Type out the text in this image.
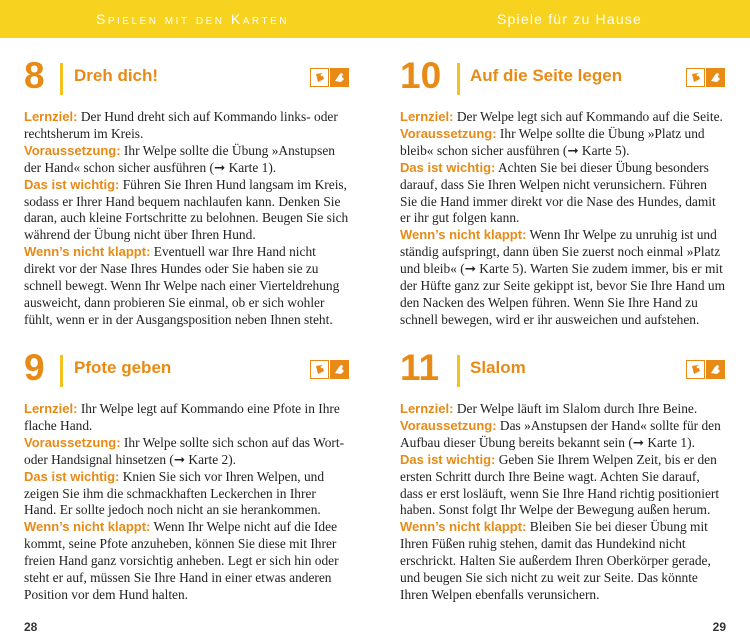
Spielen mit den Karten	Spiele für zu Hause
8 Dreh dich!

Lernziel: Der Hund dreht sich auf Kommando links- oder rechtsherum im Kreis.

Voraussetzung: Ihr Welpe sollte die Übung »Anstupsen der Hand« schon sicher ausführen (➞ Karte 1).

Das ist wichtig: Führen Sie Ihren Hund langsam im Kreis, sodass er Ihrer Hand bequem nachlaufen kann. Denken Sie daran, auch kleine Fortschritte zu belohnen. Beugen Sie sich während der Übung nicht über Ihren Hund.

Wenn’s nicht klappt: Eventuell war Ihre Hand nicht direkt vor der Nase Ihres Hundes oder Sie haben sie zu schnell bewegt. Wenn Ihr Welpe nach einer Vierteldrehung ausweicht, dann probieren Sie einmal, ob er sich wohler fühlt, wenn er in der Ausgangsposition neben Ihnen steht.

10 Auf die Seite legen

Lernziel: Der Welpe legt sich auf Kommando auf die Seite.

Voraussetzung: Ihr Welpe sollte die Übung »Platz und bleib« schon sicher ausführen (➞ Karte 5).

Das ist wichtig: Achten Sie bei dieser Übung besonders darauf, dass Sie Ihren Welpen nicht verunsichern. Führen Sie die Hand immer direkt vor die Nase des Hundes, damit er ihr gut folgen kann.

Wenn’s nicht klappt: Wenn Ihr Welpe zu unruhig ist und ständig aufspringt, dann üben Sie zuerst noch einmal »Platz und bleib« (➞ Karte 5). Warten Sie zudem immer, bis er mit der Hüfte ganz zur Seite gekippt ist, bevor Sie Ihre Hand um den Nacken des Welpen führen. Wenn Sie Ihre Hand zu schnell bewegen, wird er ihr ausweichen und aufstehen.

9 Pfote geben

Lernziel: Ihr Welpe legt auf Kommando eine Pfote in Ihre flache Hand.

Voraussetzung: Ihr Welpe sollte sich schon auf das Wort- oder Handsignal hinsetzen (➞ Karte 2).

Das ist wichtig: Knien Sie sich vor Ihren Welpen, und zeigen Sie ihm die schmackhaften Leckerchen in Ihrer Hand. Er sollte jedoch noch nicht an sie herankommen.

Wenn’s nicht klappt: Wenn Ihr Welpe nicht auf die Idee kommt, seine Pfote anzuheben, können Sie diese mit Ihrer freien Hand ganz vorsichtig anheben. Legt er sich hin oder steht er auf, müssen Sie Ihre Hand in einer etwas anderen Position vor dem Hund halten.

11 Slalom

Lernziel: Der Welpe läuft im Slalom durch Ihre Beine.

Voraussetzung: Das »Anstupsen der Hand« sollte für den Aufbau dieser Übung bereits bekannt sein (➞ Karte 1).

Das ist wichtig: Geben Sie Ihrem Welpen Zeit, bis er den ersten Schritt durch Ihre Beine wagt. Achten Sie darauf, dass er erst losläuft, wenn Sie Ihre Hand richtig positioniert haben. Sonst folgt Ihr Welpe der Bewegung außen herum.

Wenn’s nicht klappt: Bleiben Sie bei dieser Übung mit Ihren Füßen ruhig stehen, damit das Hundekind nicht erschrickt. Halten Sie außerdem Ihren Oberkörper gerade, und beugen Sie sich nicht zu weit zur Seite. Das könnte Ihren Welpen ebenfalls verunsichern.

28	29
